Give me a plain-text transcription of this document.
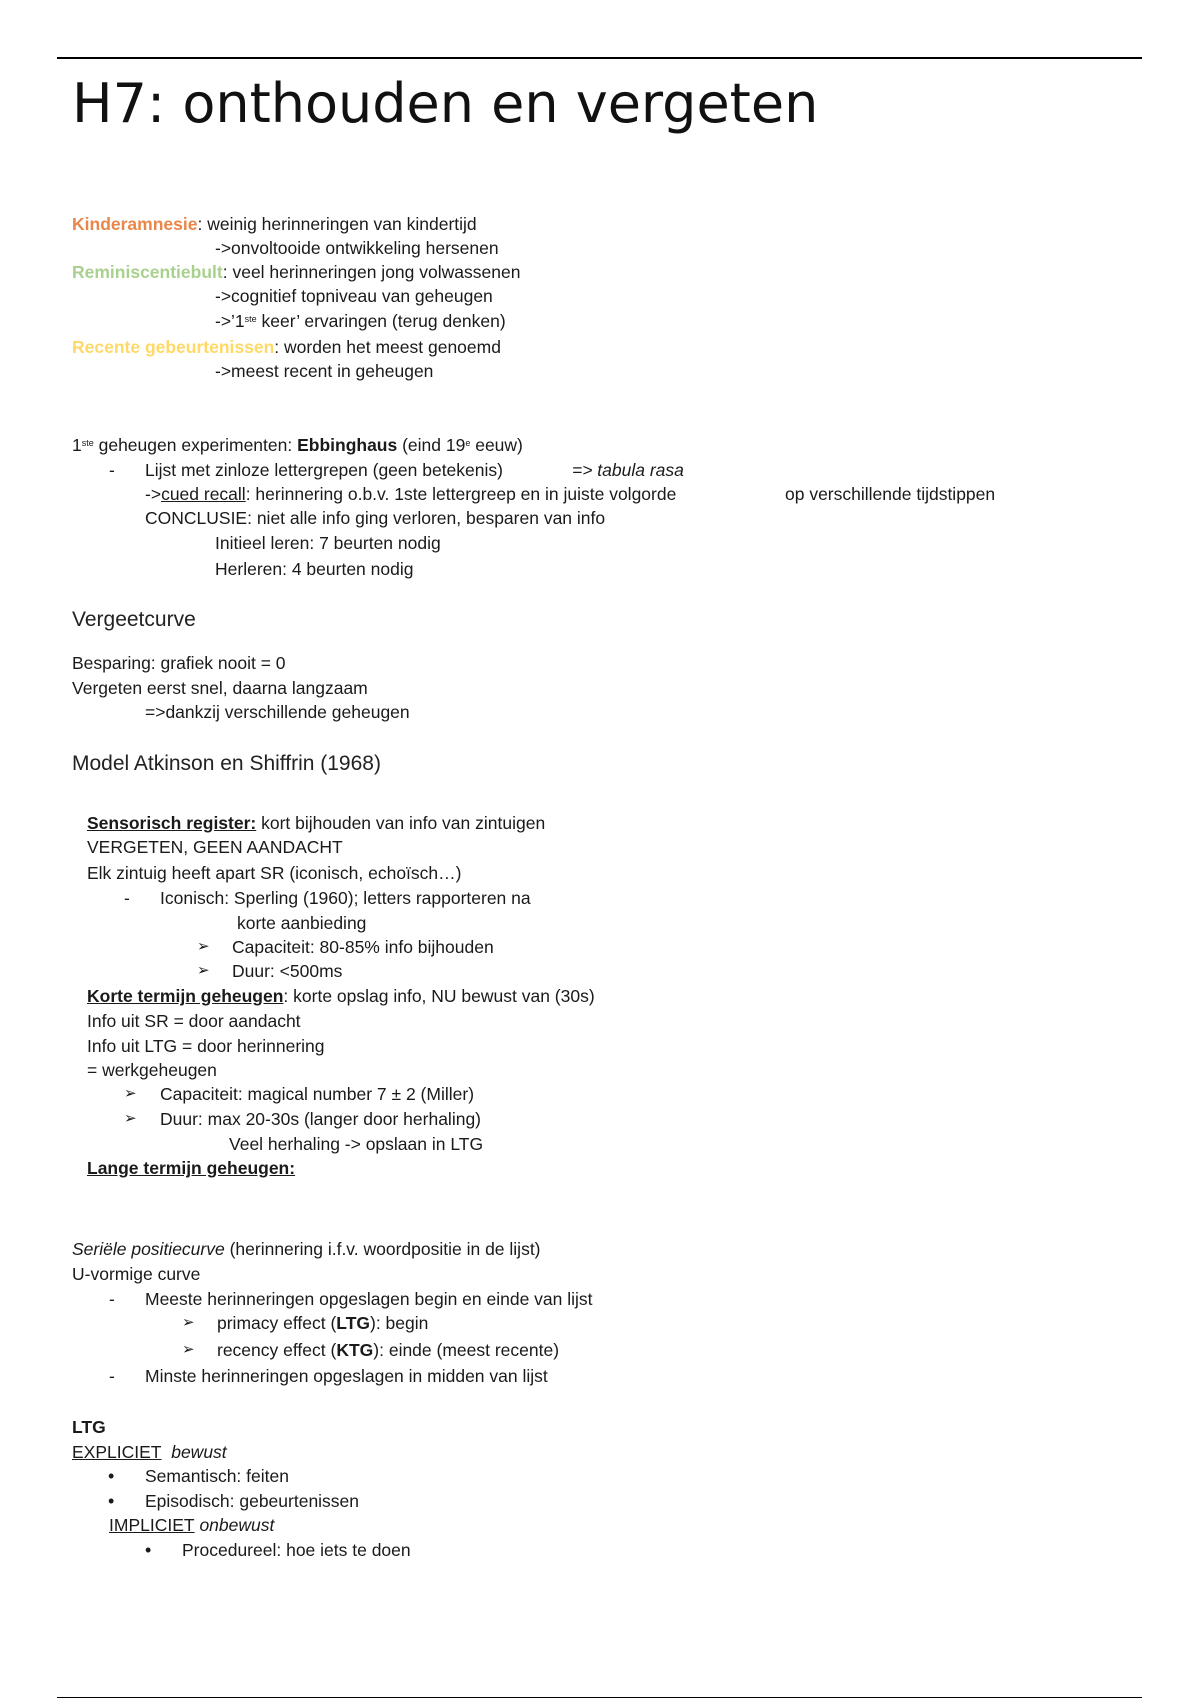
H7: onthouden en vergeten
Kinderamnesie: weinig herinneringen van kindertijd
->onvoltooide ontwikkeling hersenen
Reminiscentiebult: veel herinneringen jong volwassenen
->cognitief topniveau van geheugen
->’1ste keer’ ervaringen (terug denken)
Recente gebeurtenissen: worden het meest genoemd
->meest recent in geheugen
1ste geheugen experimenten: Ebbinghaus (eind 19e eeuw)
- Lijst met zinloze lettergrepen (geen betekenis)	=> tabula rasa
->cued recall: herinnering o.b.v. 1ste lettergreep en in juiste volgorde	op verschillende tijdstippen
CONCLUSIE: niet alle info ging verloren, besparen van info
Initieel leren: 7 beurten nodig
Herleren: 4 beurten nodig
Vergeetcurve
Besparing: grafiek nooit = 0
Vergeten eerst snel, daarna langzaam
=>dankzij verschillende geheugen
Model Atkinson en Shiffrin (1968)
Sensorisch register: kort bijhouden van info van zintuigen
VERGETEN, GEEN AANDACHT
Elk zintuig heeft apart SR (iconisch, echoïsch…)
- Iconisch: Sperling (1960); letters rapporteren na
korte aanbieding
➢ Capaciteit: 80-85% info bijhouden
➢ Duur: <500ms
Korte termijn geheugen: korte opslag info, NU bewust van (30s)
Info uit SR = door aandacht
Info uit LTG = door herinnering
= werkgeheugen
➢ Capaciteit: magical number 7 ± 2 (Miller)
➢ Duur: max 20-30s (langer door herhaling)
Veel herhaling -> opslaan in LTG
Lange termijn geheugen:
Seriële positiecurve (herinnering i.f.v. woordpositie in de lijst)
U-vormige curve
- Meeste herinneringen opgeslagen begin en einde van lijst
➢ primacy effect (LTG): begin
➢ recency effect (KTG): einde (meest recente)
- Minste herinneringen opgeslagen in midden van lijst
LTG
EXPLICIET bewust
• Semantisch: feiten
• Episodisch: gebeurtenissen
IMPLICIET onbewust
• Procedureel: hoe iets te doen
